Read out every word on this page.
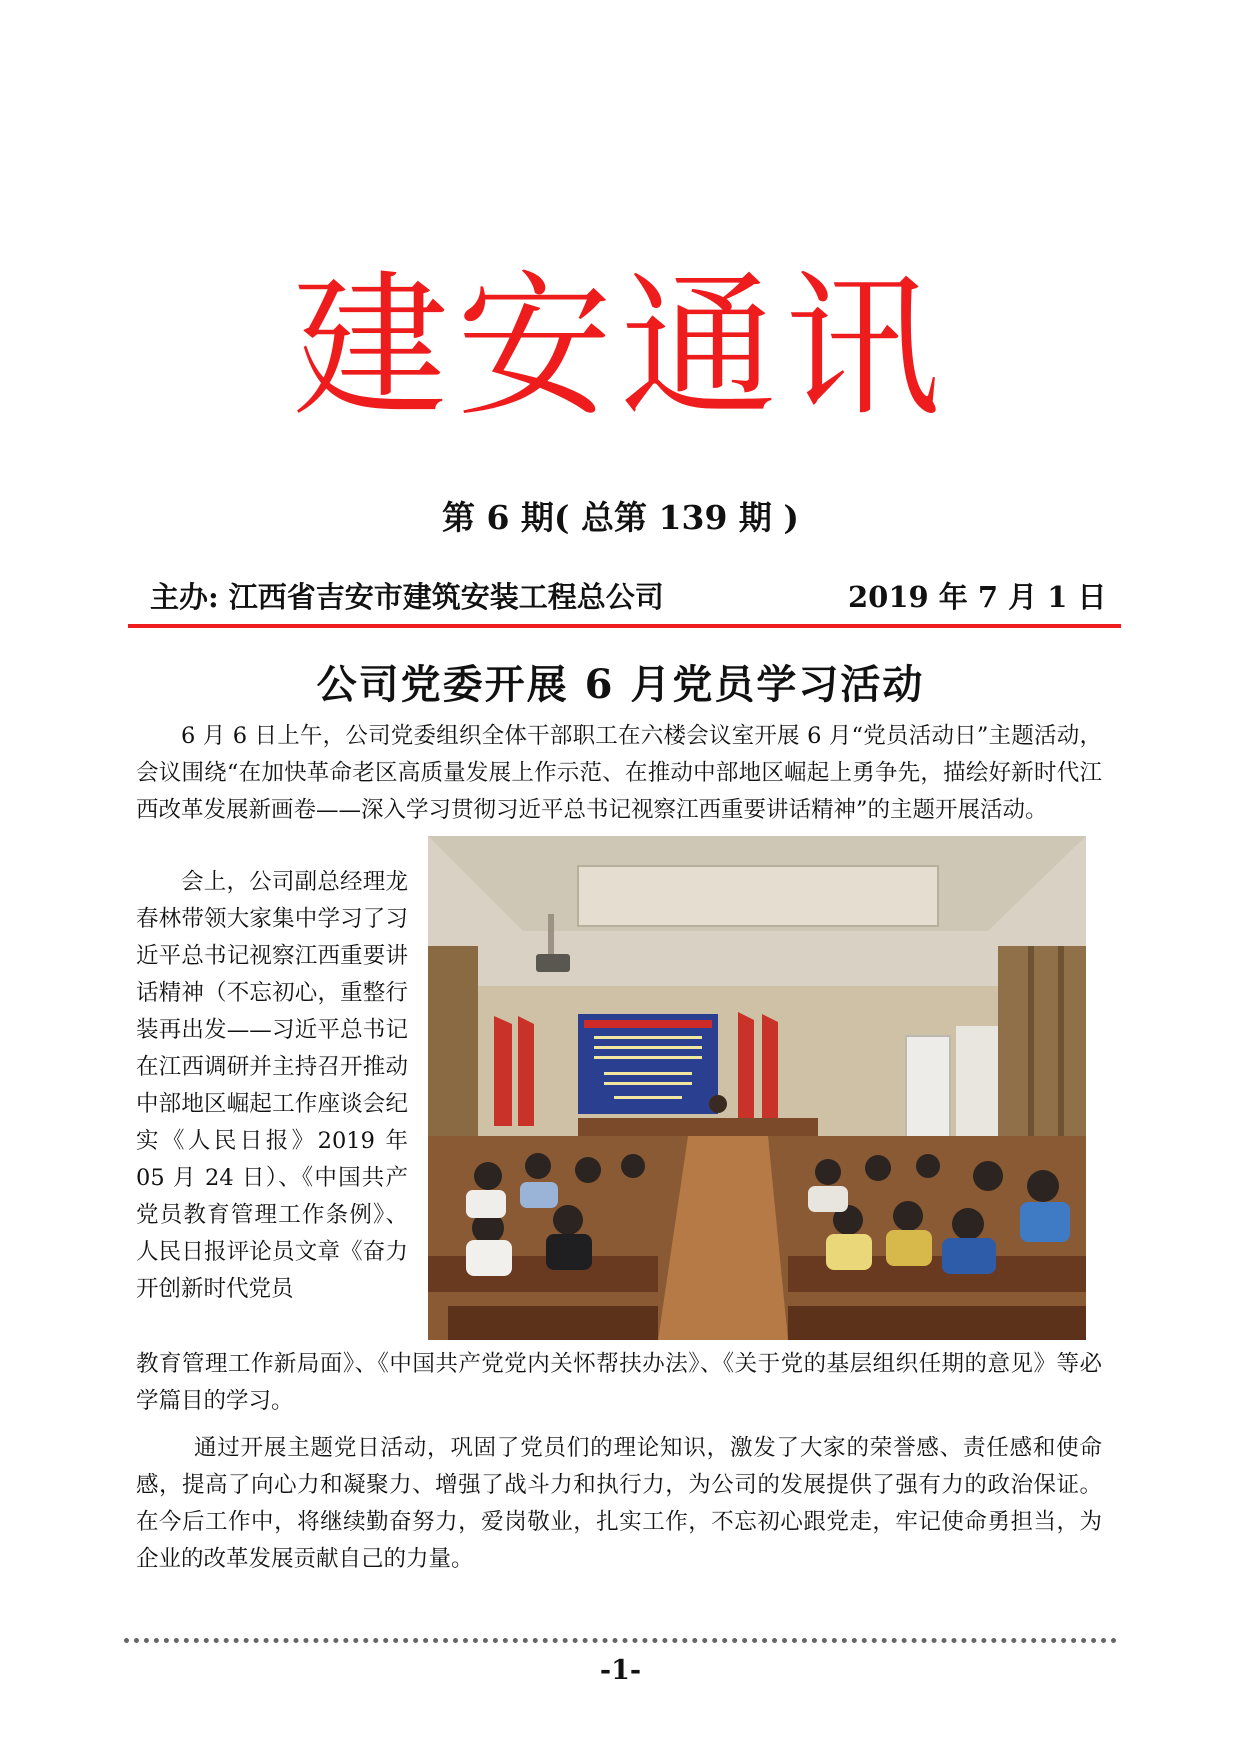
建安通讯
第 6 期( 总第 139 期 )
主办: 江西省吉安市建筑安装工程总公司	2019 年 7 月 1 日
公司党委开展 6 月党员学习活动
6 月 6 日上午，公司党委组织全体干部职工在六楼会议室开展 6 月“党员活动日”主题活动，会议围绕“在加快革命老区高质量发展上作示范、在推动中部地区崛起上勇争先，描绘好新时代江西改革发展新画卷——深入学习贯彻习近平总书记视察江西重要讲话精神”的主题开展活动。
会上，公司副总经理龙春林带领大家集中学习了习近平总书记视察江西重要讲话精神（不忘初心，重整行装再出发——习近平总书记在江西调研并主持召开推动中部地区崛起工作座谈会纪实《人民日报》2019 年 05 月 24 日）、《中国共产党员教育管理工作条例》、人民日报评论员文章《奋力开创新时代党员
教育管理工作新局面》、《中国共产党党内关怀帮扶办法》、《关于党的基层组织任期的意见》等必学篇目的学习。
通过开展主题党日活动，巩固了党员们的理论知识，激发了大家的荣誉感、责任感和使命感，提高了向心力和凝聚力、增强了战斗力和执行力，为公司的发展提供了强有力的政治保证。在今后工作中，将继续勤奋努力，爱岗敬业，扎实工作，不忘初心跟党走，牢记使命勇担当，为企业的改革发展贡献自己的力量。
-1-
